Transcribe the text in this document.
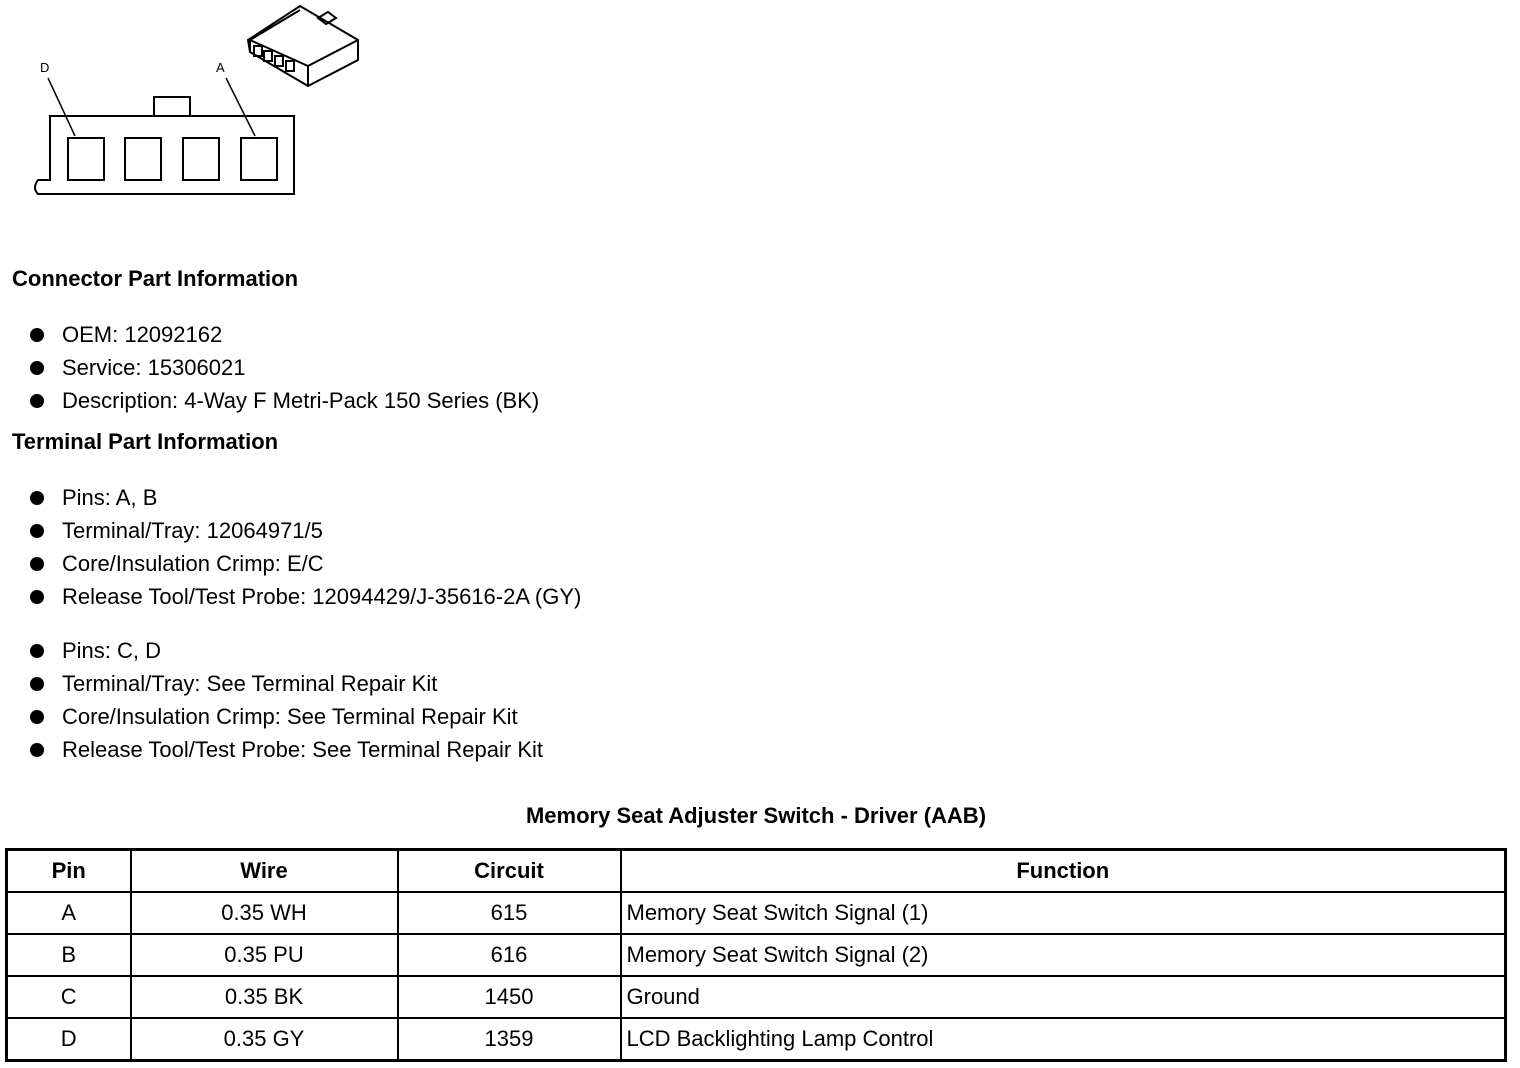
D	A
Connector Part Information
OEM: 12092162
Service: 15306021
Description: 4-Way F Metri-Pack 150 Series (BK)
Terminal Part Information
Pins: A, B
Terminal/Tray: 12064971/5
Core/Insulation Crimp: E/C
Release Tool/Test Probe: 12094429/J-35616-2A (GY)
Pins: C, D
Terminal/Tray: See Terminal Repair Kit
Core/Insulation Crimp: See Terminal Repair Kit
Release Tool/Test Probe: See Terminal Repair Kit
Memory Seat Adjuster Switch - Driver (AAB)
Pin	Wire	Circuit	Function
A	0.35 WH	615	Memory Seat Switch Signal (1)
B	0.35 PU	616	Memory Seat Switch Signal (2)
C	0.35 BK	1450	Ground
D	0.35 GY	1359	LCD Backlighting Lamp Control
